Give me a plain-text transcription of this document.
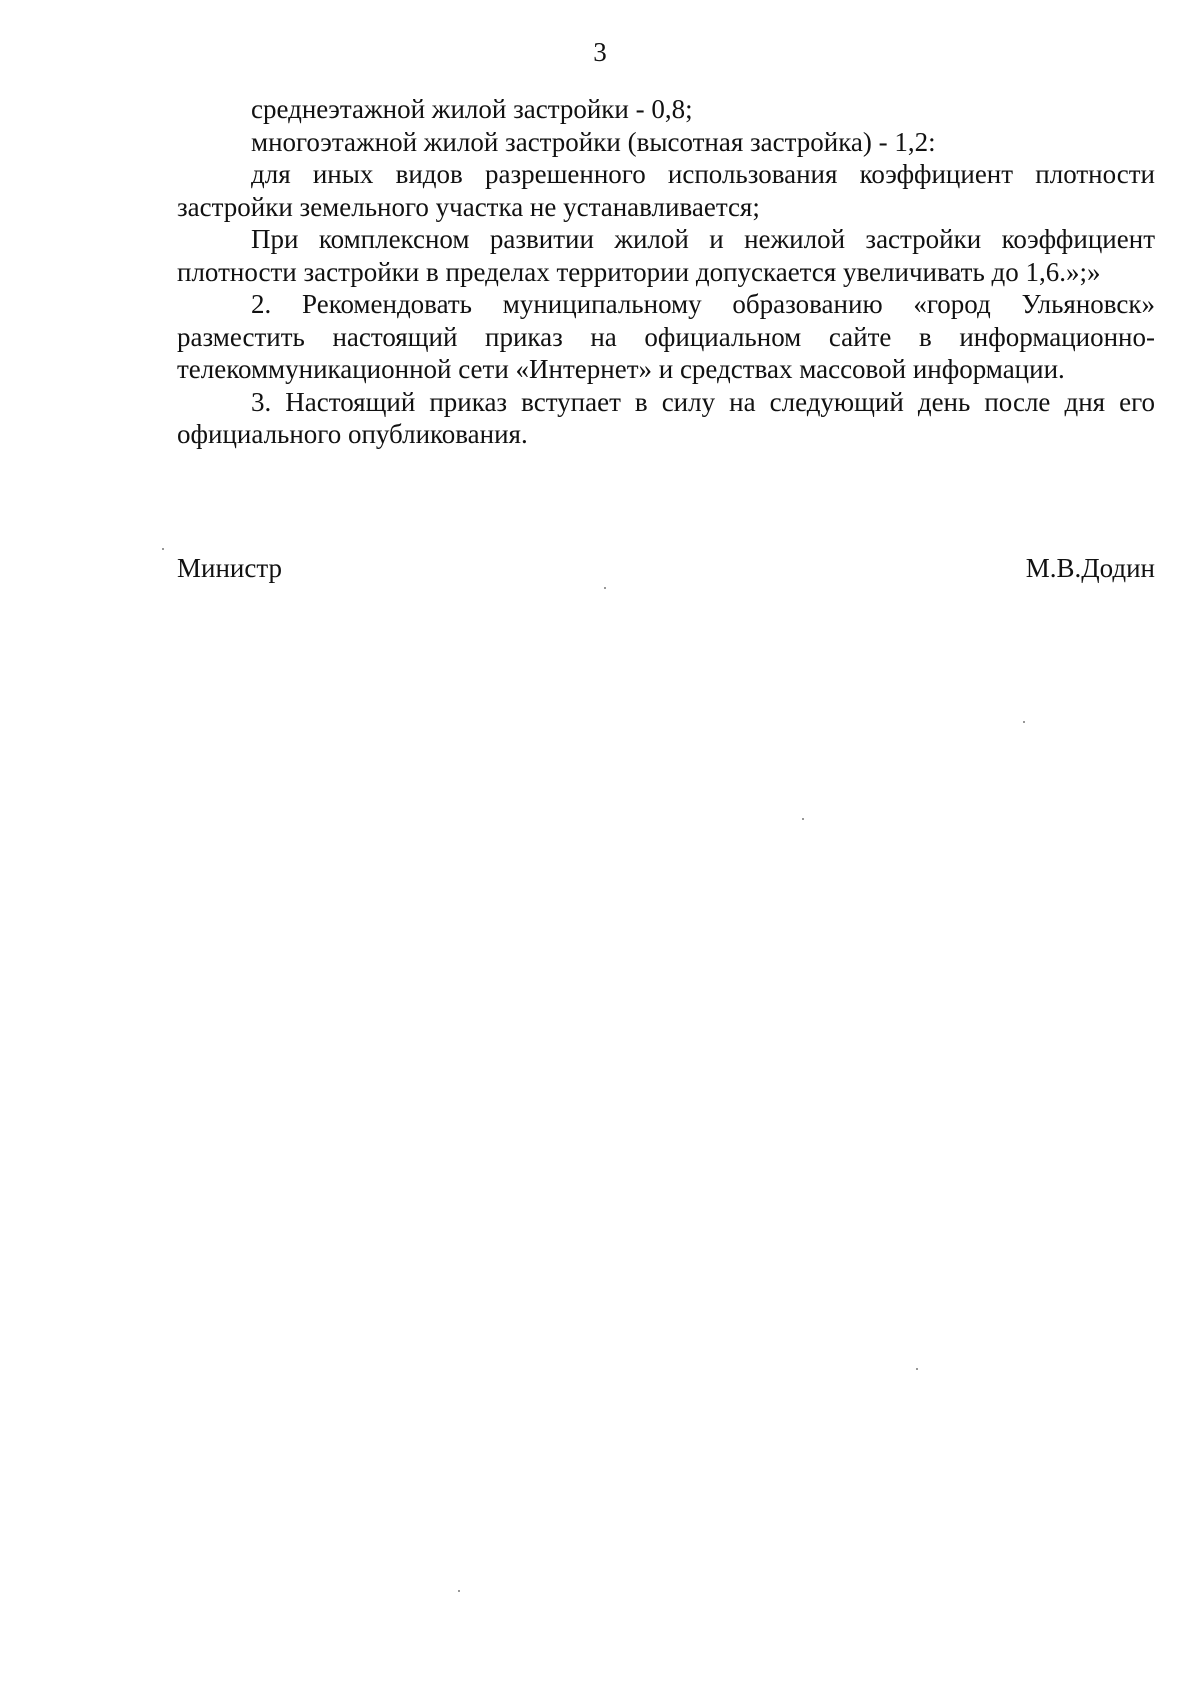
3

среднеэтажной жилой застройки - 0,8;

многоэтажной жилой застройки (высотная застройка) - 1,2:

для иных видов разрешенного использования коэффициент плотности застройки земельного участка не устанавливается;

При комплексном развитии жилой и нежилой застройки коэффициент плотности застройки в пределах территории допускается увеличивать до 1,6.»;»

2. Рекомендовать муниципальному образованию «город Ульяновск» разместить настоящий приказ на официальном сайте в информационно-телекоммуникационной сети «Интернет» и средствах массовой информации.

3. Настоящий приказ вступает в силу на следующий день после дня его официального опубликования.

Министр	М.В.Додин
